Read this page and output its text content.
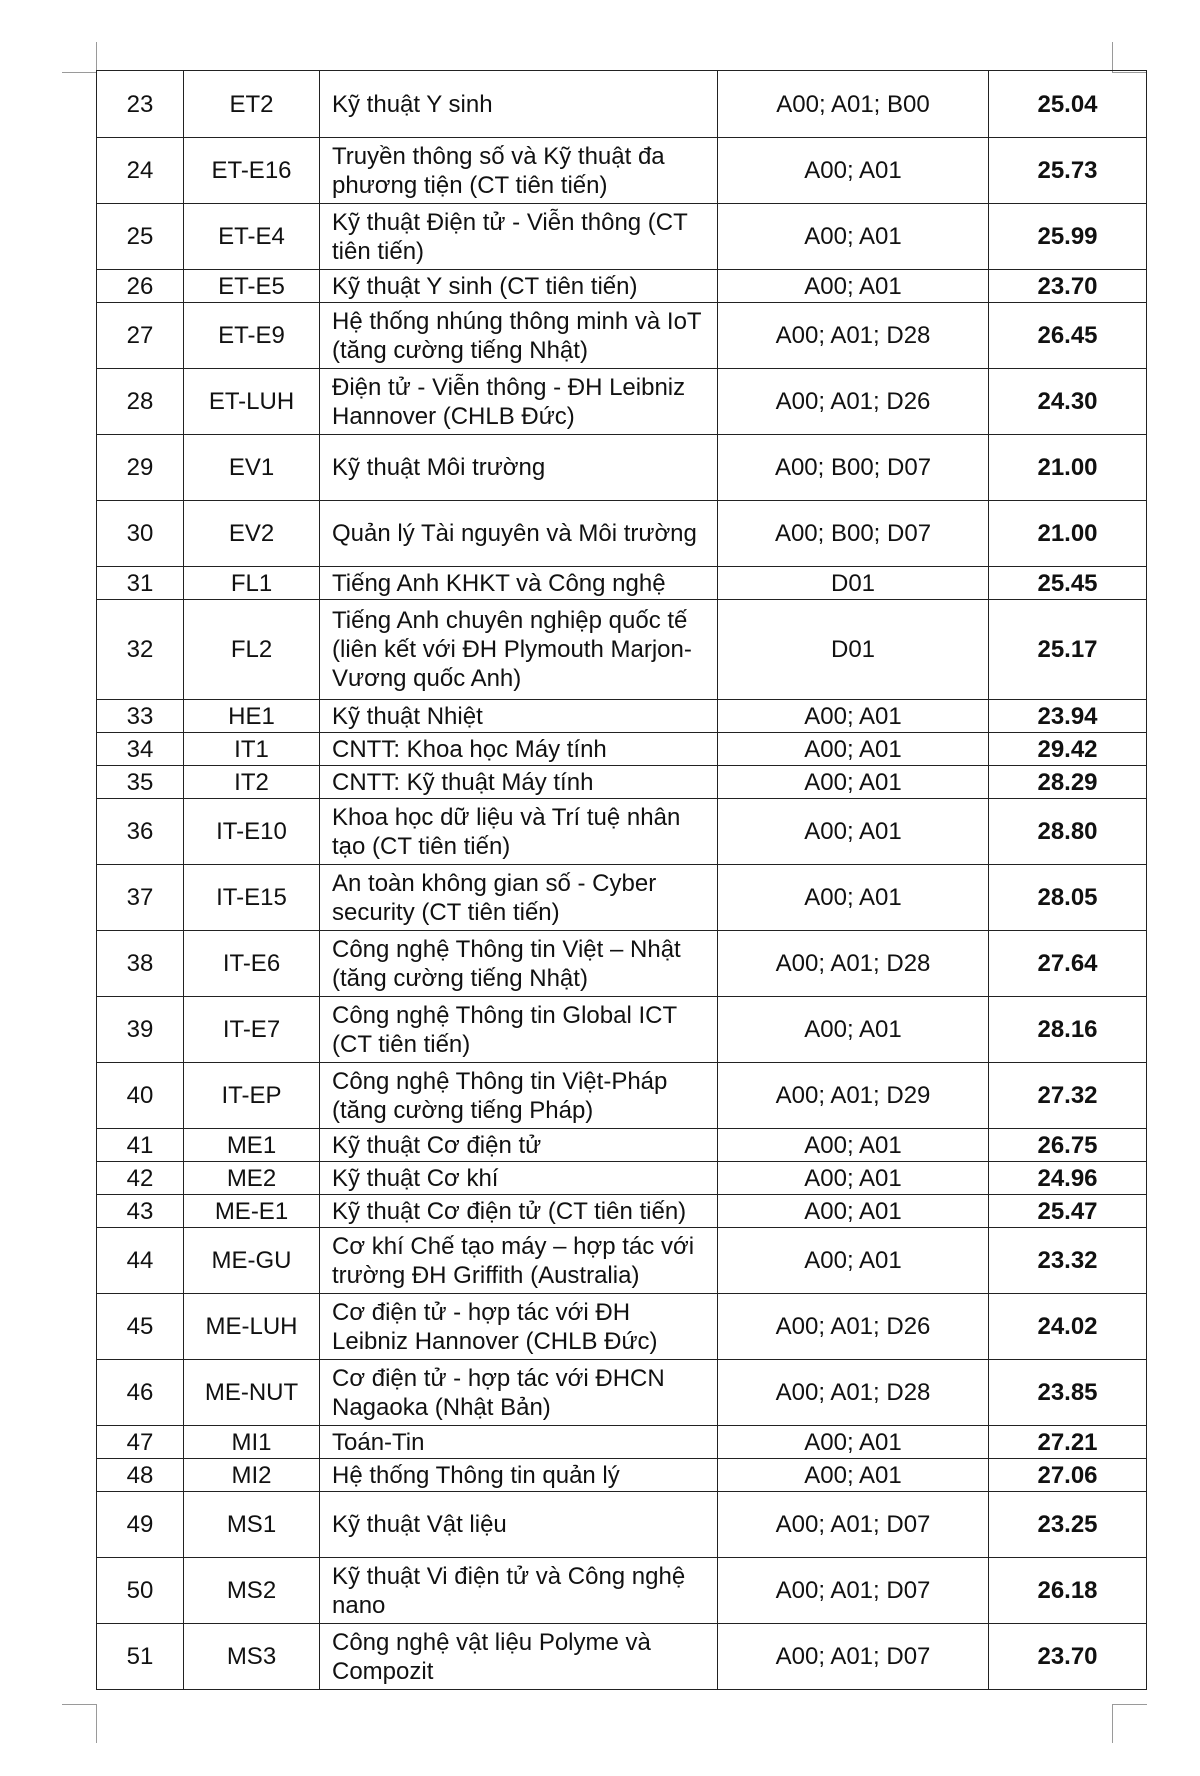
23	ET2	Kỹ thuật Y sinh	A00; A01; B00	25.04
24	ET-E16	Truyền thông số và Kỹ thuật đa phương tiện (CT tiên tiến)	A00; A01	25.73
25	ET-E4	Kỹ thuật Điện tử - Viễn thông (CT tiên tiến)	A00; A01	25.99
26	ET-E5	Kỹ thuật Y sinh (CT tiên tiến)	A00; A01	23.70
27	ET-E9	Hệ thống nhúng thông minh và IoT (tăng cường tiếng Nhật)	A00; A01; D28	26.45
28	ET-LUH	Điện tử - Viễn thông - ĐH Leibniz Hannover (CHLB Đức)	A00; A01; D26	24.30
29	EV1	Kỹ thuật Môi trường	A00; B00; D07	21.00
30	EV2	Quản lý Tài nguyên và Môi trường	A00; B00; D07	21.00
31	FL1	Tiếng Anh KHKT và Công nghệ	D01	25.45
32	FL2	Tiếng Anh chuyên nghiệp quốc tế (liên kết với ĐH Plymouth Marjon- Vương quốc Anh)	D01	25.17
33	HE1	Kỹ thuật Nhiệt	A00; A01	23.94
34	IT1	CNTT: Khoa học Máy tính	A00; A01	29.42
35	IT2	CNTT: Kỹ thuật Máy tính	A00; A01	28.29
36	IT-E10	Khoa học dữ liệu và Trí tuệ nhân tạo (CT tiên tiến)	A00; A01	28.80
37	IT-E15	An toàn không gian số - Cyber security (CT tiên tiến)	A00; A01	28.05
38	IT-E6	Công nghệ Thông tin Việt – Nhật (tăng cường tiếng Nhật)	A00; A01; D28	27.64
39	IT-E7	Công nghệ Thông tin Global ICT (CT tiên tiến)	A00; A01	28.16
40	IT-EP	Công nghệ Thông tin Việt-Pháp (tăng cường tiếng Pháp)	A00; A01; D29	27.32
41	ME1	Kỹ thuật Cơ điện tử	A00; A01	26.75
42	ME2	Kỹ thuật Cơ khí	A00; A01	24.96
43	ME-E1	Kỹ thuật Cơ điện tử (CT tiên tiến)	A00; A01	25.47
44	ME-GU	Cơ khí Chế tạo máy – hợp tác với trường ĐH Griffith (Australia)	A00; A01	23.32
45	ME-LUH	Cơ điện tử - hợp tác với ĐH Leibniz Hannover (CHLB Đức)	A00; A01; D26	24.02
46	ME-NUT	Cơ điện tử - hợp tác với ĐHCN Nagaoka (Nhật Bản)	A00; A01; D28	23.85
47	MI1	Toán-Tin	A00; A01	27.21
48	MI2	Hệ thống Thông tin quản lý	A00; A01	27.06
49	MS1	Kỹ thuật Vật liệu	A00; A01; D07	23.25
50	MS2	Kỹ thuật Vi điện tử và Công nghệ nano	A00; A01; D07	26.18
51	MS3	Công nghệ vật liệu Polyme và Compozit	A00; A01; D07	23.70
